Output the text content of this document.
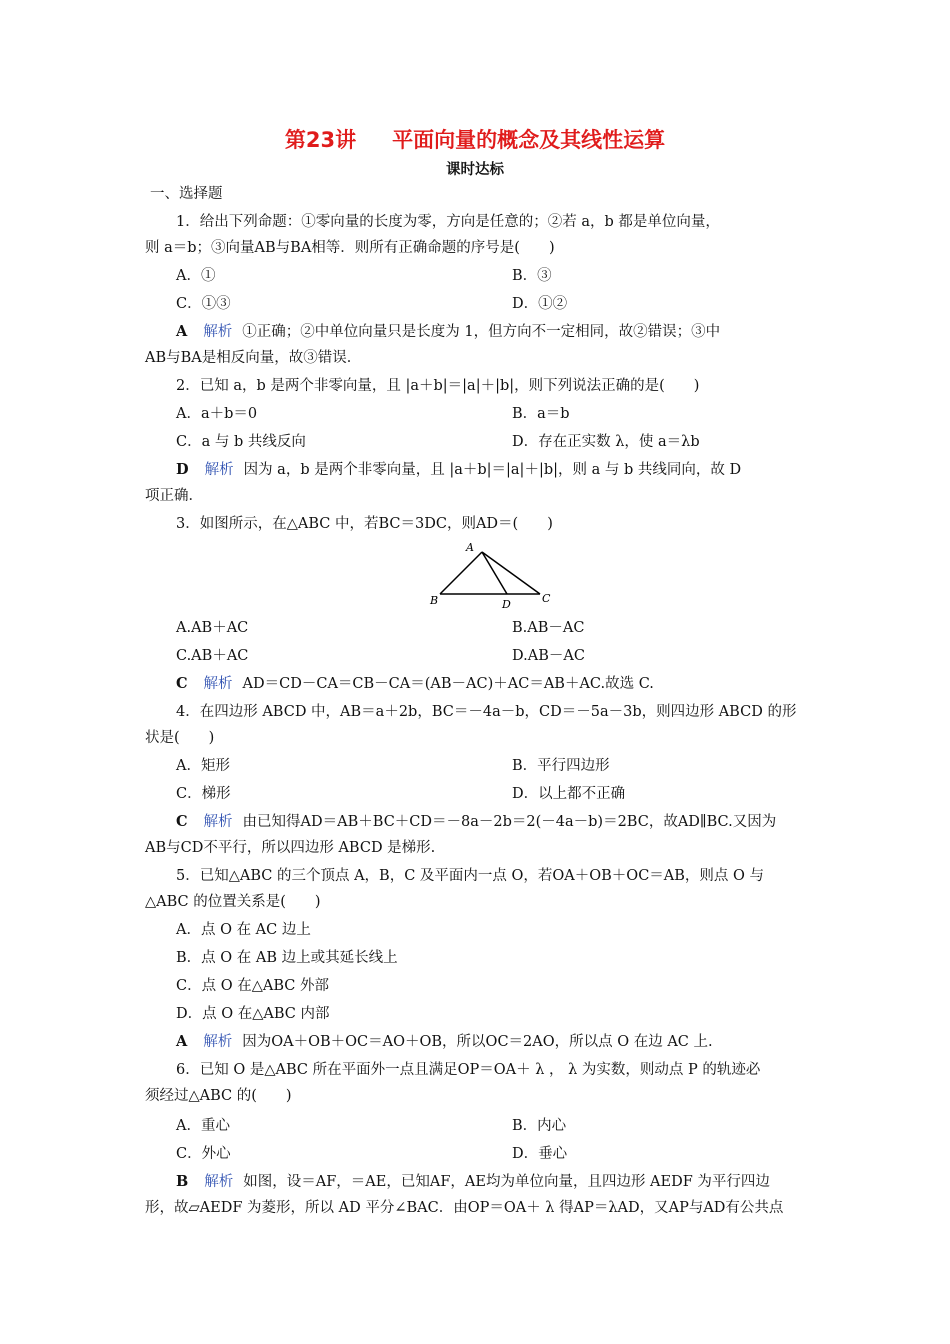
第23讲 平面向量的概念及其线性运算
课时达标
一、选择题
1．给出下列命题：①零向量的长度为零，方向是任意的；②若 a，b 都是单位向量，
则 a＝b；③向量AB与BA相等．则所有正确命题的序号是(　　)
A．①	B．③
C．①③	D．①②
A 解析 ①正确；②中单位向量只是长度为 1，但方向不一定相同，故②错误；③中
AB与BA是相反向量，故③错误．
2．已知 a，b 是两个非零向量，且 |a＋b|＝|a|＋|b|，则下列说法正确的是(　　)
A．a＋b＝0	B．a＝b
C．a 与 b 共线反向	D．存在正实数 λ，使 a＝λb
D 解析 因为 a，b 是两个非零向量，且 |a＋b|＝|a|＋|b|，则 a 与 b 共线同向，故 D
项正确．
3．如图所示，在△ABC 中，若BC＝3DC，则AD＝(　　)
A
B	D	C
A.AB＋AC	B.AB－AC
C.AB＋AC	D.AB－AC
C 解析 AD＝CD－CA＝CB－CA＝(AB－AC)＋AC＝AB＋AC.故选 C.
4．在四边形 ABCD 中，AB＝a＋2b，BC＝－4a－b，CD＝－5a－3b，则四边形 ABCD 的形
状是(　　)
A．矩形	B．平行四边形
C．梯形	D．以上都不正确
C 解析 由已知得AD＝AB＋BC＋CD＝－8a－2b＝2(－4a－b)＝2BC，故AD∥BC.又因为
AB与CD不平行，所以四边形 ABCD 是梯形.
5．已知△ABC 的三个顶点 A，B，C 及平面内一点 O，若OA＋OB＋OC＝AB，则点 O 与
△ABC 的位置关系是(　　)
A．点 O 在 AC 边上
B．点 O 在 AB 边上或其延长线上
C．点 O 在△ABC 外部
D．点 O 在△ABC 内部
A 解析 因为OA＋OB＋OC＝AO＋OB，所以OC＝2AO，所以点 O 在边 AC 上.
6．已知 O 是△ABC 所在平面外一点且满足OP＝OA＋ λ ， λ 为实数，则动点 P 的轨迹必
须经过△ABC 的(　　)
A．重心	B．内心
C．外心	D．垂心
B 解析 如图，设＝AF，＝AE，已知AF，AE均为单位向量，且四边形 AEDF 为平行四边
形，故▱AEDF 为菱形，所以 AD 平分∠BAC．由OP＝OA＋ λ 得AP＝λAD，又AP与AD有公共点
